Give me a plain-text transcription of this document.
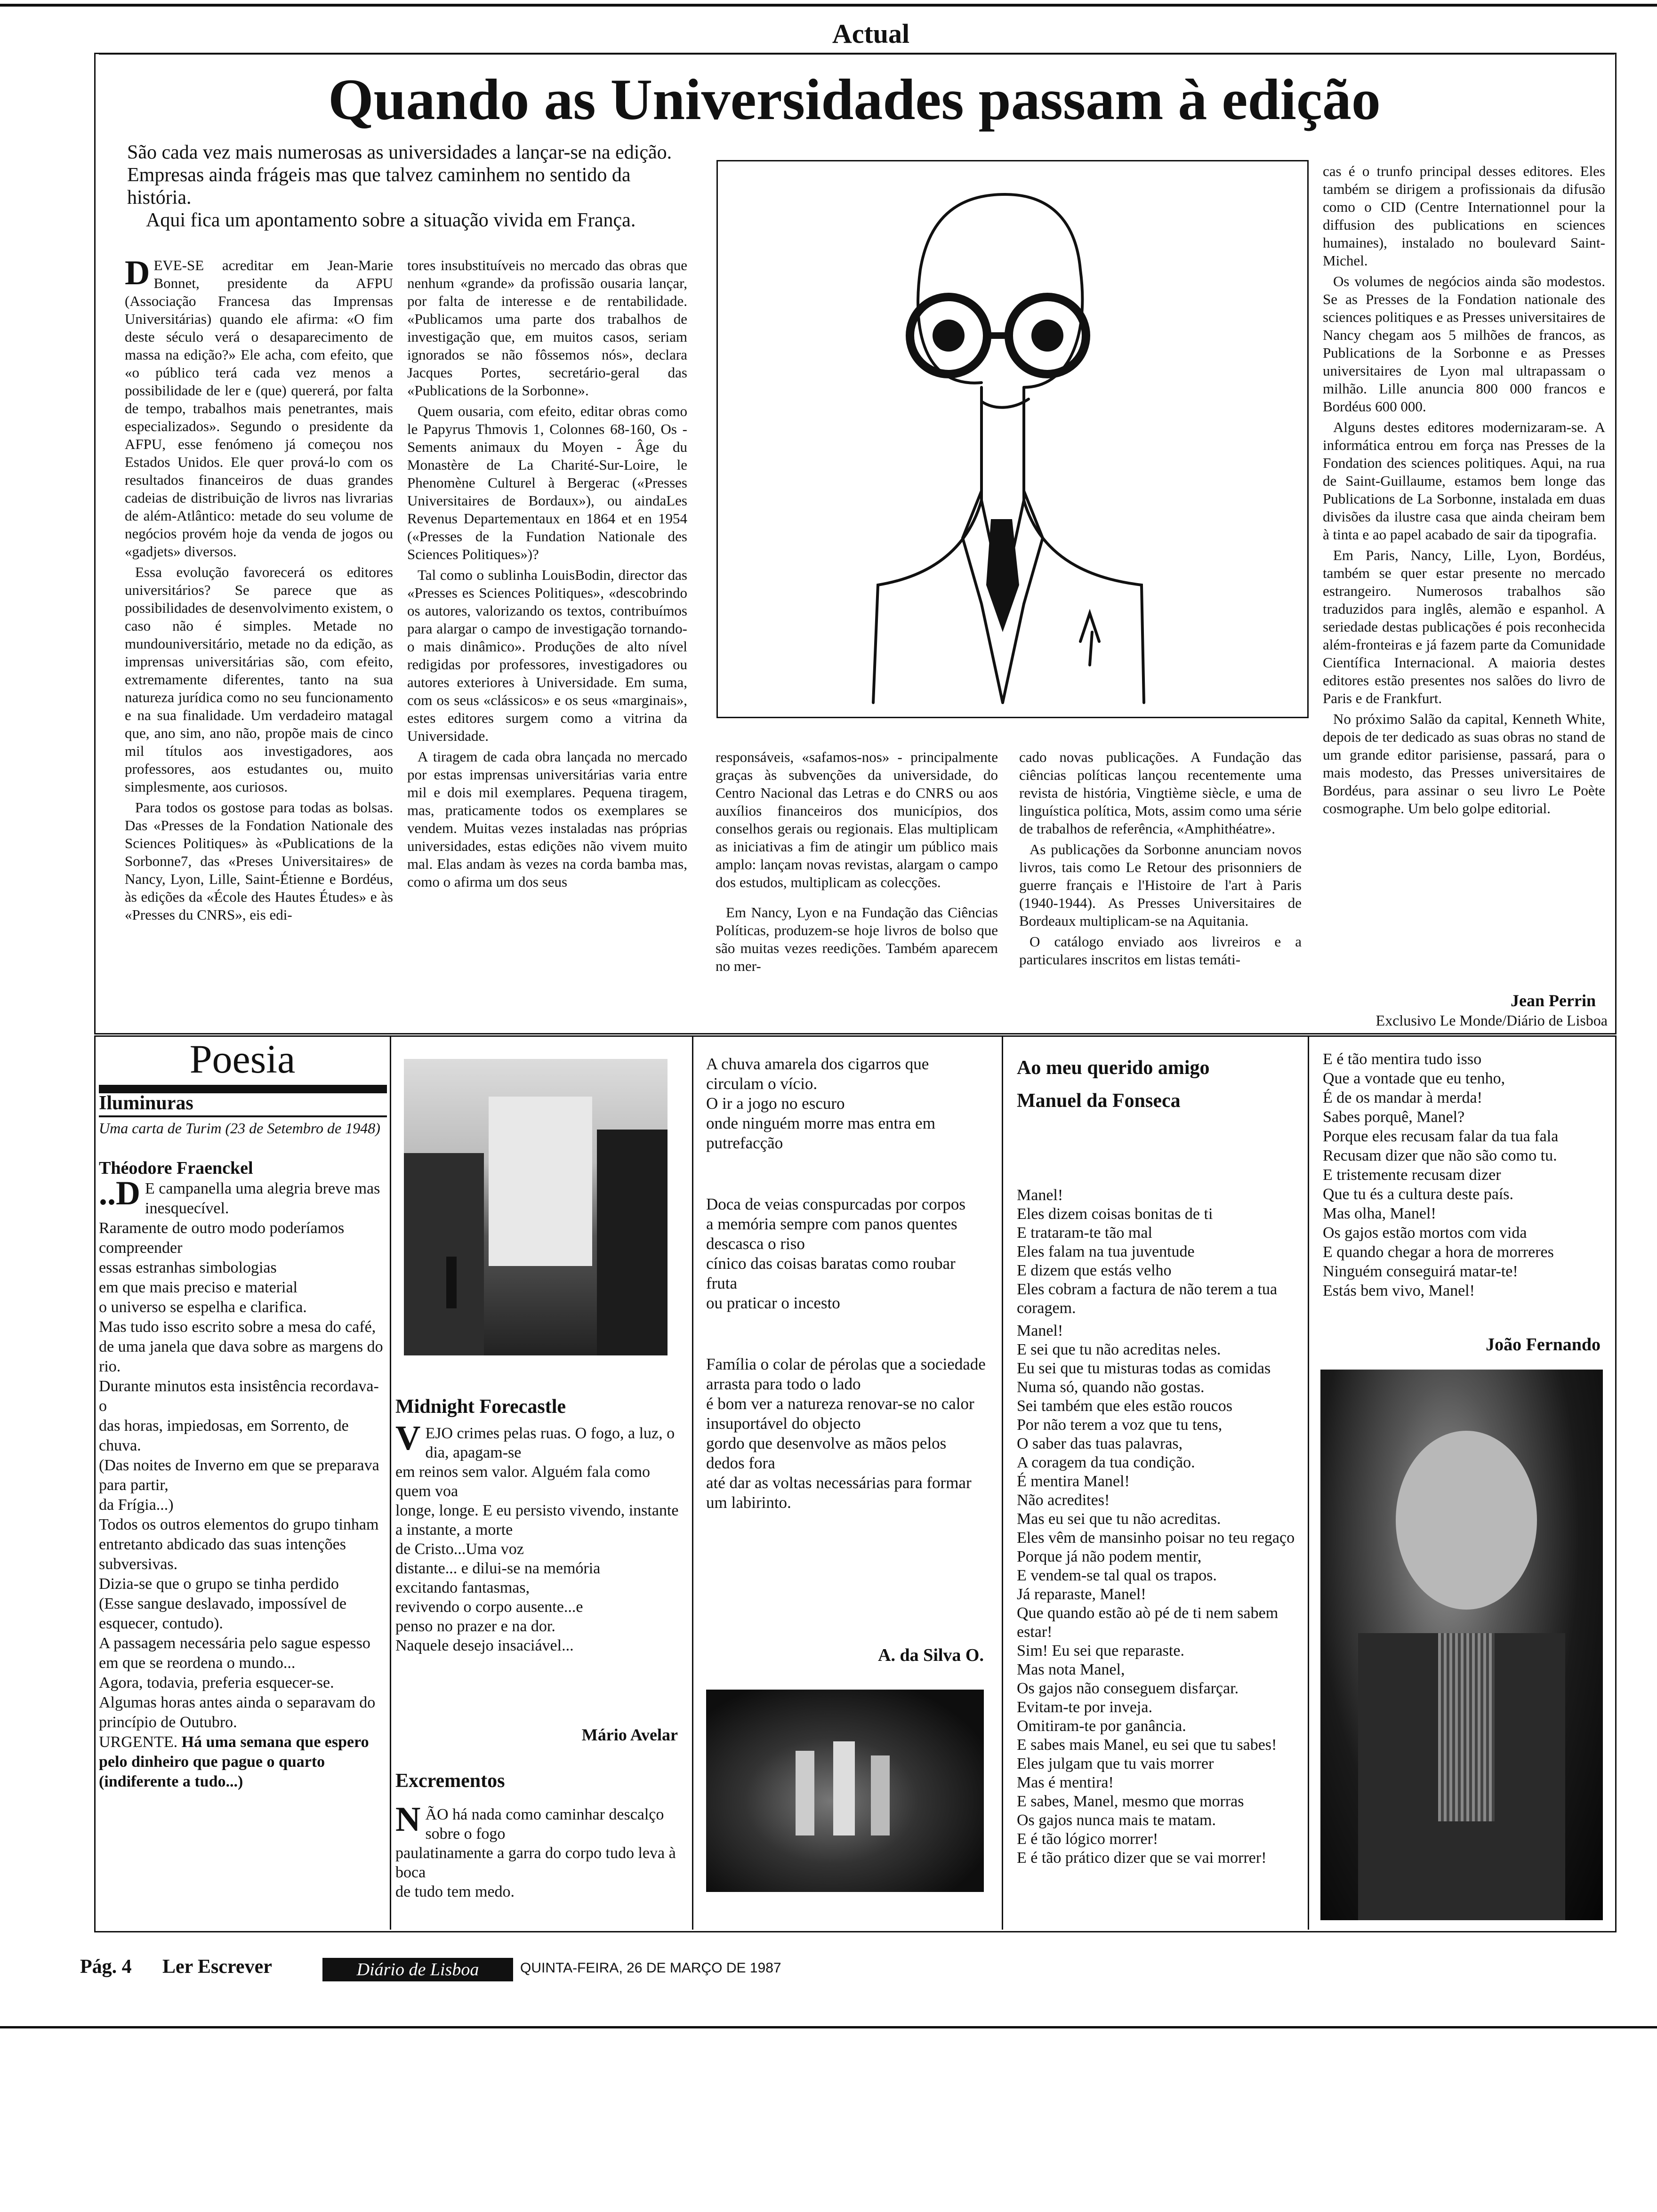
Actual
Quando as Universidades passam à edição
São cada vez mais numerosas as universidades a lançar-se na edição. Empresas ainda frágeis mas que talvez caminhem no sentido da história.
Aqui fica um apontamento sobre a situação vivida em França.

DEVE-SE acreditar em Jean-Marie Bonnet, presidente da AFPU (Associação Francesa das Imprensas Universitárias) quando ele afirma: «O fim deste século verá o desaparecimento de massa na edição?» Ele acha, com efeito, que «o público terá cada vez menos a possibilidade de ler e (que) quererá, por falta de tempo, trabalhos mais penetrantes, mais especializados». Segundo o presidente da AFPU, esse fenómeno já começou nos Estados Unidos. Ele quer prová-lo com os resultados financeiros de duas grandes cadeias de distribuição de livros nas livrarias de além-Atlântico: metade do seu volume de negócios provém hoje da venda de jogos ou «gadjets» diversos.

Essa evolução favorecerá os editores universitários? Se parece que as possibilidades de desenvolvimento existem, o caso não é simples. Metade no mundouniversitário, metade no da edição, as imprensas universitárias são, com efeito, extremamente diferentes, tanto na sua natureza jurídica como no seu funcionamento e na sua finalidade. Um verdadeiro matagal que, ano sim, ano não, propõe mais de cinco mil títulos aos investigadores, aos professores, aos estudantes ou, muito simplesmente, aos curiosos.

Para todos os gostose para todas as bolsas. Das «Presses de la Fondation Nationale des Sciences Politiques» às «Publications de la Sorbonne7, das «Preses Universitaires» de Nancy, Lyon, Lille, Saint-Étienne e Bordéus, às edições da «École des Hautes Études» e às «Presses du CNRS», eis edi-

tores insubstituíveis no mercado das obras que nenhum «grande» da profissão ousaria lançar, por falta de interesse e de rentabilidade. «Publicamos uma parte dos trabalhos de investigação que, em muitos casos, seriam ignorados se não fôssemos nós», declara Jacques Portes, secretário-geral das «Publications de la Sorbonne».

Quem ousaria, com efeito, editar obras como le Papyrus Thmovis 1, Colonnes 68-160, Os - Sements animaux du Moyen - Âge du Monastère de La Charité-Sur-Loire, le Phenomène Culturel à Bergerac («Presses Universitaires de Bordaux»), ou aindaLes Revenus Departementaux en 1864 et en 1954 («Presses de la Fundation Nationale des Sciences Politiques»)?

Tal como o sublinha LouisBodin, director das «Presses es Sciences Politiques», «descobrindo os autores, valorizando os textos, contribuímos para alargar o campo de investigação tornando-o mais dinâmico». Produções de alto nível redigidas por professores, investigadores ou autores exteriores à Universidade. Em suma, com os seus «clássicos» e os seus «marginais», estes editores surgem como a vitrina da Universidade.

A tiragem de cada obra lançada no mercado por estas imprensas universitárias varia entre mil e dois mil exemplares. Pequena tiragem, mas, praticamente todos os exemplares se vendem. Muitas vezes instaladas nas próprias universidades, estas edições não vivem muito mal. Elas andam às vezes na corda bamba mas, como o afirma um dos seus

responsáveis, «safamos-nos» - principalmente graças às subvenções da universidade, do Centro Nacional das Letras e do CNRS ou aos auxílios financeiros dos municípios, dos conselhos gerais ou regionais. Elas multiplicam as iniciativas a fim de atingir um público mais amplo: lançam novas revistas, alargam o campo dos estudos, multiplicam as colecções.

Em Nancy, Lyon e na Fundação das Ciências Políticas, produzem-se hoje livros de bolso que são muitas vezes reedições. Também aparecem no mer-

cado novas publicações. A Fundação das ciências políticas lançou recentemente uma revista de história, Vingtième siècle, e uma de linguística política, Mots, assim como uma série de trabalhos de referência, «Amphithéatre».

As publicações da Sorbonne anunciam novos livros, tais como Le Retour des prisonniers de guerre français e l'Histoire de l'art à Paris (1940-1944). As Presses Universitaires de Bordeaux multiplicam-se na Aquitania.

O catálogo enviado aos livreiros e a particulares inscritos em listas temáti-

cas é o trunfo principal desses editores. Eles também se dirigem a profissionais da difusão como o CID (Centre Internationnel pour la diffusion des publications en sciences humaines), instalado no boulevard Saint-Michel.

Os volumes de negócios ainda são modestos. Se as Presses de la Fondation nationale des sciences politiques e as Presses universitaires de Nancy chegam aos 5 milhões de francos, as Publications de la Sorbonne e as Presses universitaires de Lyon mal ultrapassam o milhão. Lille anuncia 800 000 francos e Bordéus 600 000.

Alguns destes editores modernizaram-se. A informática entrou em força nas Presses de la Fondation des sciences politiques. Aqui, na rua de Saint-Guillaume, estamos bem longe das Publications de La Sorbonne, instalada em duas divisões da ilustre casa que ainda cheiram bem à tinta e ao papel acabado de sair da tipografia.

Em Paris, Nancy, Lille, Lyon, Bordéus, também se quer estar presente no mercado estrangeiro. Numerosos trabalhos são traduzidos para inglês, alemão e espanhol. A seriedade destas publicações é pois reconhecida além-fronteiras e já fazem parte da Comunidade Científica Internacional. A maioria destes editores estão presentes nos salões do livro de Paris e de Frankfurt.

No próximo Salão da capital, Kenneth White, depois de ter dedicado as suas obras no stand de um grande editor parisiense, passará, para o mais modesto, das Presses universitaires de Bordéus, para assinar o seu livro Le Poète cosmographe. Um belo golpe editorial.

Jean Perrin
Exclusivo Le Monde/Diário de Lisboa
Poesia
Iluminuras
Uma carta de Turim (23 de Setembro de 1948)
Théodore Fraenckel
..D E campanella uma alegria breve mas inesquecível.
Raramente de outro modo poderíamos compreender
essas estranhas simbologias
em que mais preciso e material
o universo se espelha e clarifica.
Mas tudo isso escrito sobre a mesa do café,
de uma janela que dava sobre as margens do rio.
Durante minutos esta insistência recordava-o
das horas, impiedosas, em Sorrento, de chuva.
(Das noites de Inverno em que se preparava para partir,
da Frígia...)
Todos os outros elementos do grupo tinham entretanto abdicado das suas intenções subversivas.
Dizia-se que o grupo se tinha perdido
(Esse sangue deslavado, impossível de esquecer, contudo).
A passagem necessária pelo sague espesso
em que se reordena o mundo...
Agora, todavia, preferia esquecer-se.
Algumas horas antes ainda o separavam do princípio de Outubro.
URGENTE. Há uma semana que espero pelo dinheiro que pague o quarto (indiferente a tudo...)
Midnight Forecastle
VEJO crimes pelas ruas. O fogo, a luz, o dia, apagam-se
em reinos sem valor. Alguém fala como quem voa
longe, longe. E eu persisto vivendo, instante
a instante, a morte
de Cristo...Uma voz
distante... e dilui-se na memória
excitando fantasmas,
revivendo o corpo ausente...e
penso no prazer e na dor.
Naquele desejo insaciável...
Mário Avelar
Excrementos
NÃO há nada como caminhar descalço sobre o fogo
paulatinamente a garra do corpo tudo leva à boca
de tudo tem medo.
A chuva amarela dos cigarros que circulam o vício.
O ir a jogo no escuro
onde ninguém morre mas entra em putrefacção
Doca de veias conspurcadas por corpos
a memória sempre com panos quentes
descasca o riso
cínico das coisas baratas como roubar fruta
ou praticar o incesto
Família o colar de pérolas que a sociedade
arrasta para todo o lado
é bom ver a natureza renovar-se no calor insuportável do objecto
gordo que desenvolve as mãos pelos dedos fora
até dar as voltas necessárias para formar
um labirinto.
A. da Silva O.
Ao meu querido amigo
Manuel da Fonseca
Manel!
Eles dizem coisas bonitas de ti
E trataram-te tão mal
Eles falam na tua juventude
E dizem que estás velho
Eles cobram a factura de não terem a tua coragem.
Manel!
E sei que tu não acreditas neles.
Eu sei que tu misturas todas as comidas
Numa só, quando não gostas.
Sei também que eles estão roucos
Por não terem a voz que tu tens,
O saber das tuas palavras,
A coragem da tua condição.
É mentira Manel!
Não acredites!
Mas eu sei que tu não acreditas.
Eles vêm de mansinho poisar no teu regaço
Porque já não podem mentir,
E vendem-se tal qual os trapos.
Já reparaste, Manel!
Que quando estão aò pé de ti nem sabem estar!
Sim! Eu sei que reparaste.
Mas nota Manel,
Os gajos não conseguem disfarçar.
Evitam-te por inveja.
Omitiram-te por ganância.
E sabes mais Manel, eu sei que tu sabes!
Eles julgam que tu vais morrer
Mas é mentira!
E sabes, Manel, mesmo que morras
Os gajos nunca mais te matam.
E é tão lógico morrer!
E é tão prático dizer que se vai morrer!
E é tão mentira tudo isso
Que a vontade que eu tenho,
É de os mandar à merda!
Sabes porquê, Manel?
Porque eles recusam falar da tua fala
Recusam dizer que não são como tu.
E tristemente recusam dizer
Que tu és a cultura deste país.
Mas olha, Manel!
Os gajos estão mortos com vida
E quando chegar a hora de morreres
Ninguém conseguirá matar-te!
Estás bem vivo, Manel!
João Fernando
Pág. 4 Ler Escrever	Diário de Lisboa	QUINTA-FEIRA, 26 DE MARÇO DE 1987
